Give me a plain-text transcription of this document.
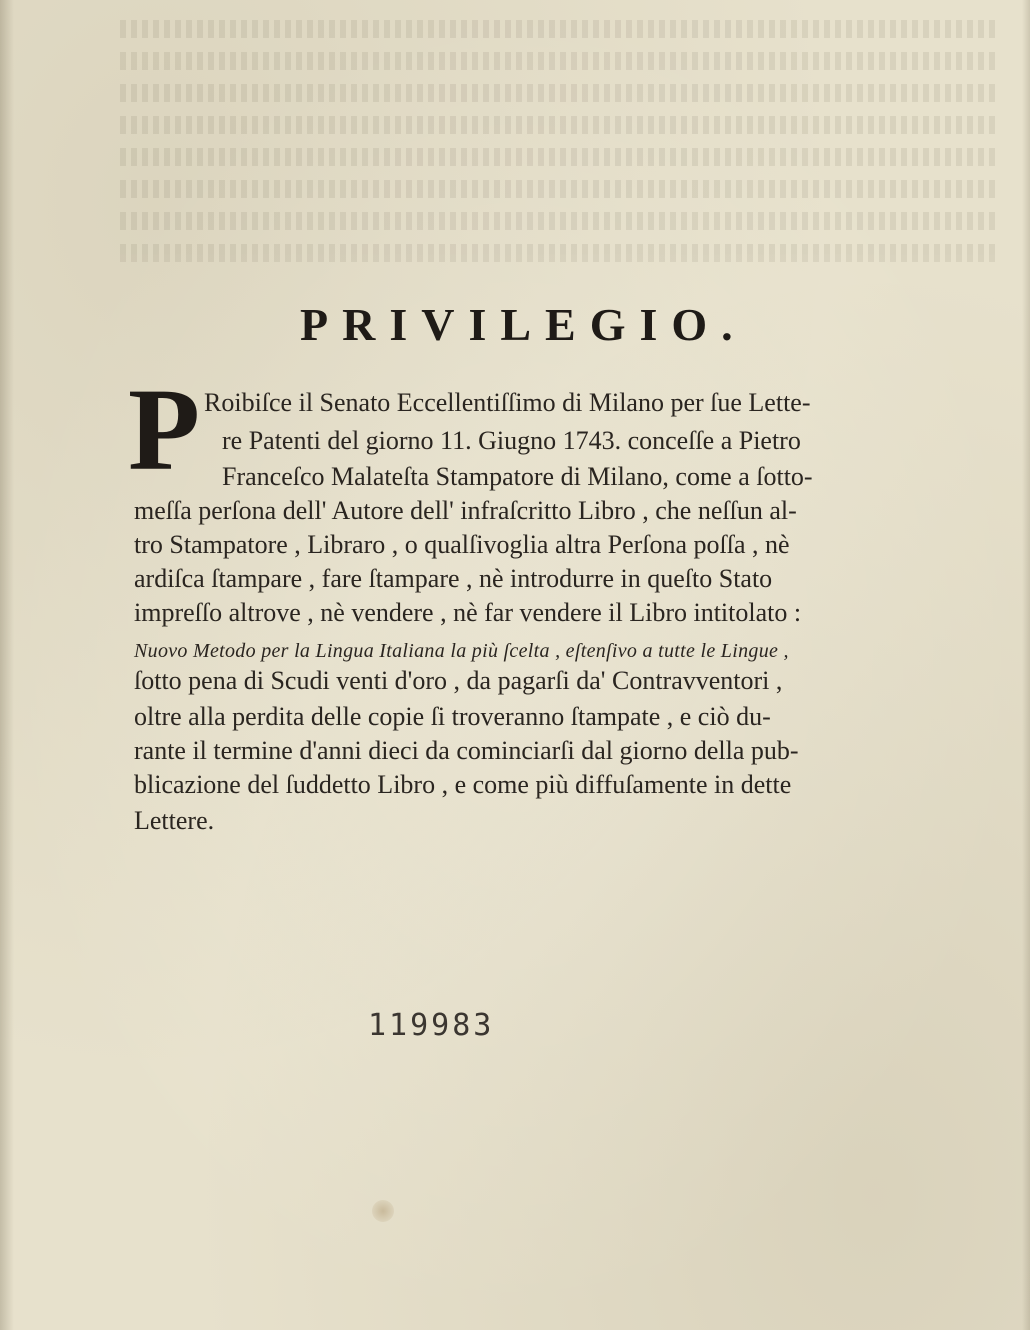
PRIVILEGIO.
P Roibiſce il Senato Eccellentiſſimo di Milano per ſue Lette-
re Patenti del giorno 11. Giugno 1743. conceſſe a Pietro
Franceſco Malateſta Stampatore di Milano, come a ſotto-
meſſa perſona dell' Autore dell' infraſcritto Libro , che neſſun al-
tro Stampatore , Libraro , o qualſivoglia altra Perſona poſſa , nè
ardiſca ſtampare , fare ſtampare , nè introdurre in queſto Stato
impreſſo altrove , nè vendere , nè far vendere il Libro intitolato :
Nuovo Metodo per la Lingua Italiana la più ſcelta , eſtenſivo a tutte le Lingue ,
ſotto pena di Scudi venti d'oro , da pagarſi da' Contravventori ,
oltre alla perdita delle copie ſi troveranno ſtampate , e ciò du-
rante il termine d'anni dieci da cominciarſi dal giorno della pub-
blicazione del ſuddetto Libro , e come più diffuſamente in dette
Lettere.
119983
